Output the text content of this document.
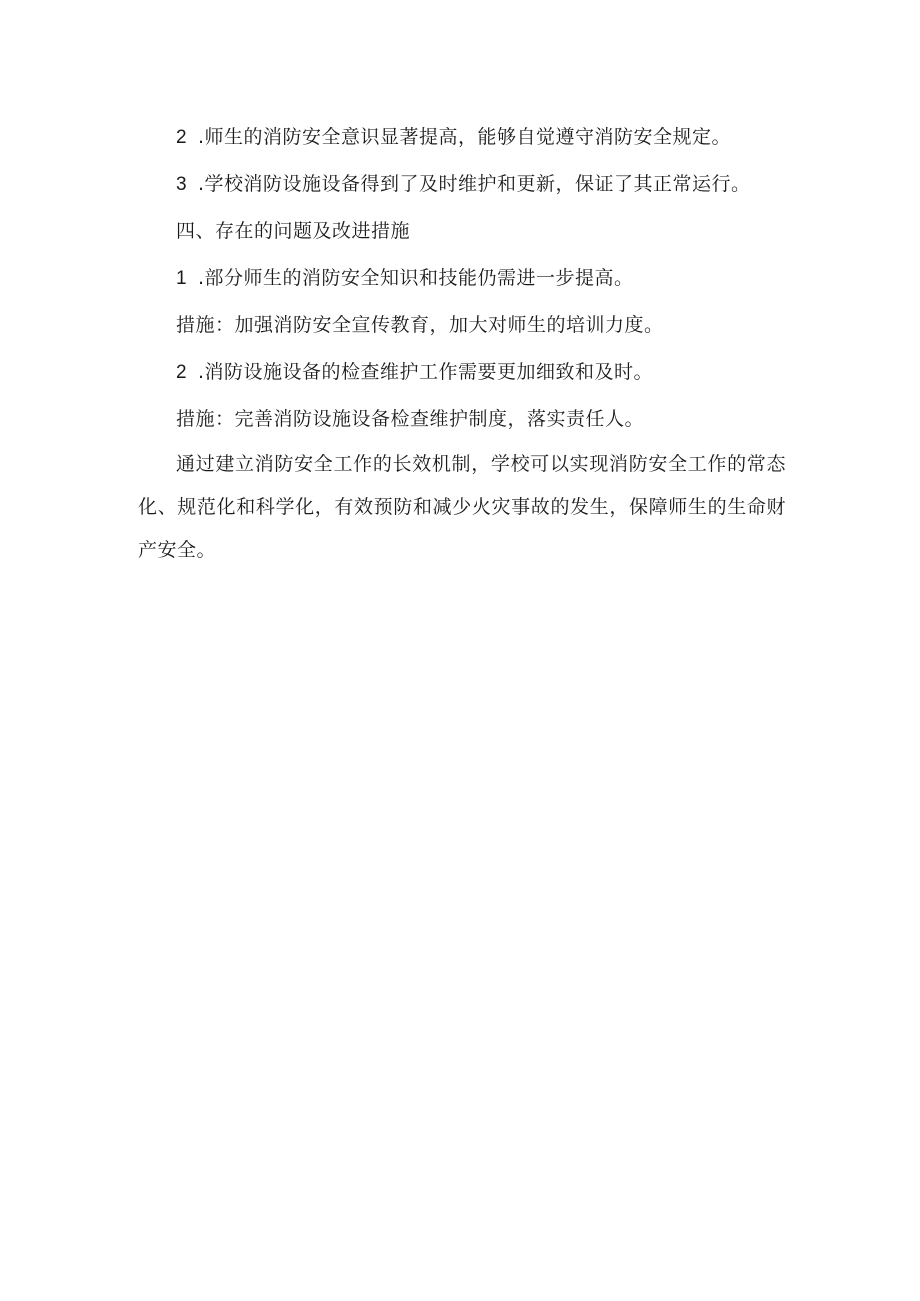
2 .师生的消防安全意识显著提高，能够自觉遵守消防安全规定。

3 .学校消防设施设备得到了及时维护和更新，保证了其正常运行。

四、存在的问题及改进措施

1 .部分师生的消防安全知识和技能仍需进一步提高。

措施：加强消防安全宣传教育，加大对师生的培训力度。

2 .消防设施设备的检查维护工作需要更加细致和及时。

措施：完善消防设施设备检查维护制度，落实责任人。

通过建立消防安全工作的长效机制，学校可以实现消防安全工作的常态化、规范化和科学化，有效预防和减少火灾事故的发生，保障师生的生命财产安全。
